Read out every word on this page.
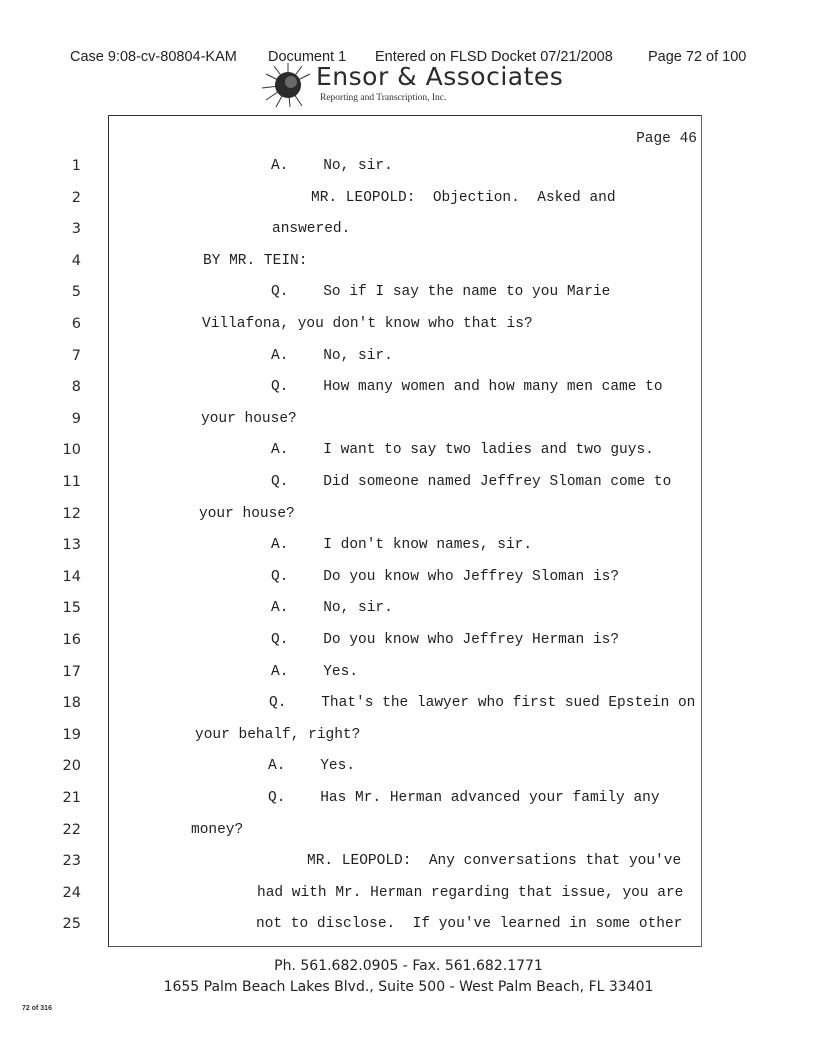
Case 9:08-cv-80804-KAM Document 1 Entered on FLSD Docket 07/21/2008 Page 72 of 100
Ensor & Associates
Reporting and Transcription, Inc.
Page 46
1	A.    No, sir.
2	MR. LEOPOLD:  Objection.  Asked and
3	answered.
4	BY MR. TEIN:
5	Q.    So if I say the name to you Marie
6	Villafona, you don't know who that is?
7	A.    No, sir.
8	Q.    How many women and how many men came to
9	your house?
10	A.    I want to say two ladies and two guys.
11	Q.    Did someone named Jeffrey Sloman come to
12	your house?
13	A.    I don't know names, sir.
14	Q.    Do you know who Jeffrey Sloman is?
15	A.    No, sir.
16	Q.    Do you know who Jeffrey Herman is?
17	A.    Yes.
18	Q.    That's the lawyer who first sued Epstein on
19	your behalf, right?
20	A.    Yes.
21	Q.    Has Mr. Herman advanced your family any
22	money?
23	MR. LEOPOLD:  Any conversations that you've
24	had with Mr. Herman regarding that issue, you are
25	not to disclose.  If you've learned in some other
Ph. 561.682.0905 - Fax. 561.682.1771
1655 Palm Beach Lakes Blvd., Suite 500 - West Palm Beach, FL 33401
72 of 316
